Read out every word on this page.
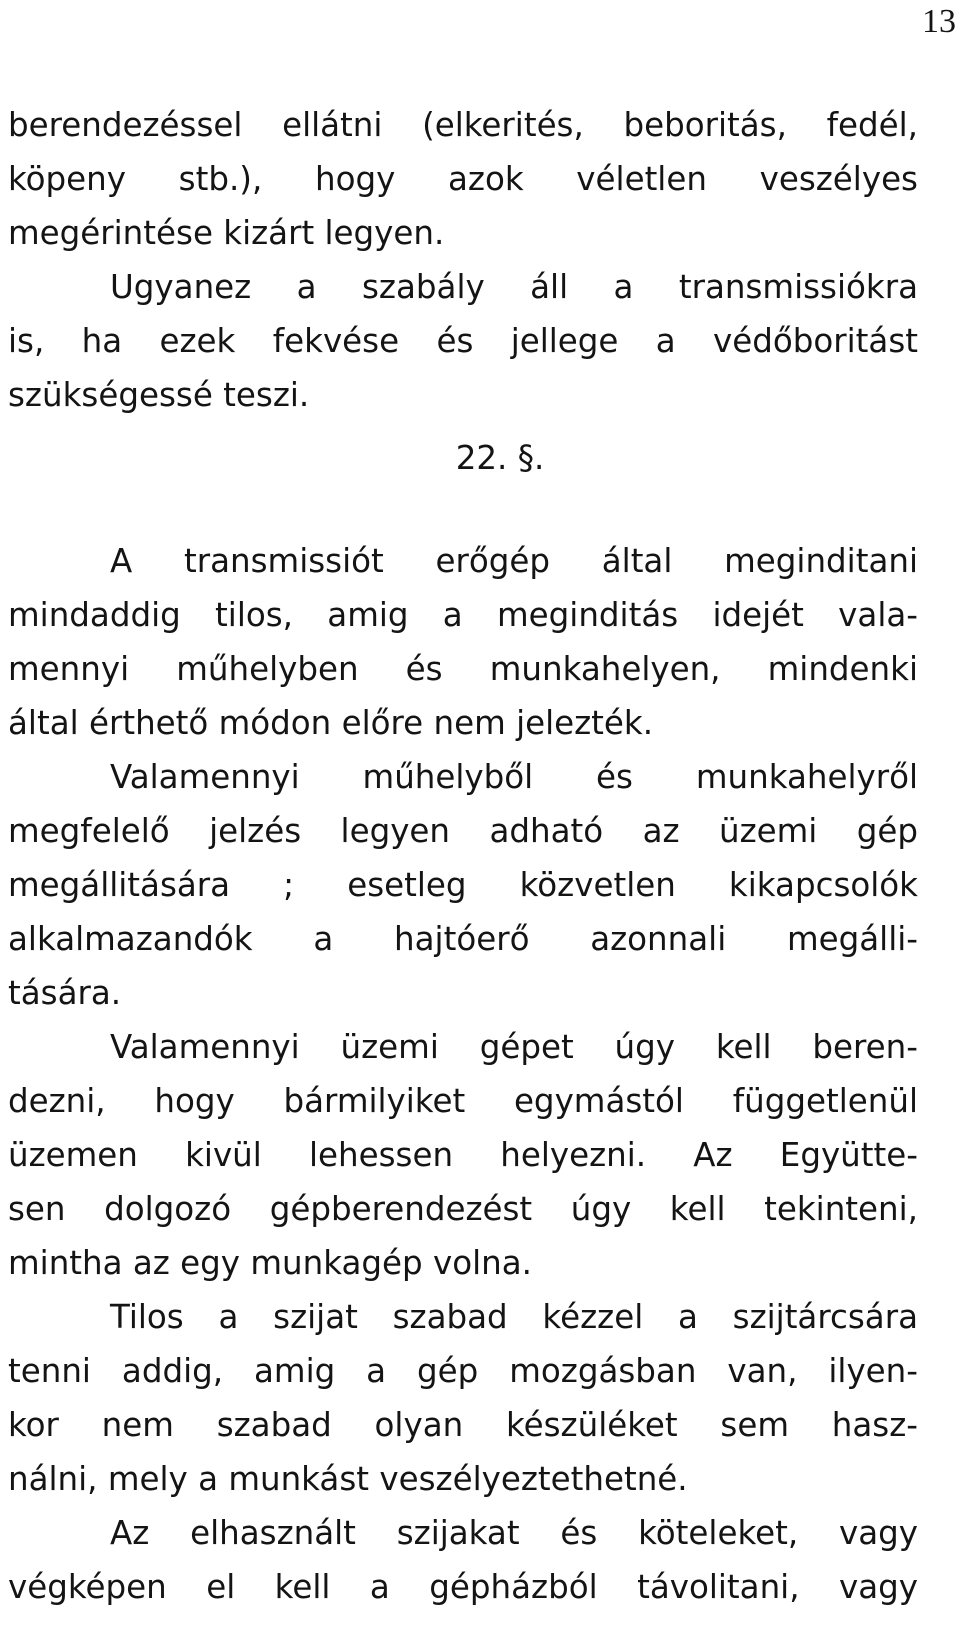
13
berendezéssel ellátni (elkerités, beboritás, fedél,
köpeny stb.), hogy azok véletlen veszélyes
megérintése kizárt legyen.
Ugyanez a szabály áll a transmissiókra
is, ha ezek fekvése és jellege a védőboritást
szükségessé teszi.
22. §.
A transmissiót erőgép által meginditani
mindaddig tilos, amig a meginditás idejét vala-
mennyi műhelyben és munkahelyen, mindenki
által érthető módon előre nem jelezték.
Valamennyi műhelyből és munkahelyről
megfelelő jelzés legyen adható az üzemi gép
megállitására ; esetleg közvetlen kikapcsolók
alkalmazandók a hajtóerő azonnali megálli-
tására.
Valamennyi üzemi gépet úgy kell beren-
dezni, hogy bármilyiket egymástól függetlenül
üzemen kivül lehessen helyezni. Az Együtte-
sen dolgozó gépberendezést úgy kell tekinteni,
mintha az egy munkagép volna.
Tilos a szijat szabad kézzel a szijtárcsára
tenni addig, amig a gép mozgásban van, ilyen-
kor nem szabad olyan készüléket sem hasz-
nálni, mely a munkást veszélyeztethetné.
Az elhasznált szijakat és köteleket, vagy
végképen el kell a gépházból távolitani, vagy
